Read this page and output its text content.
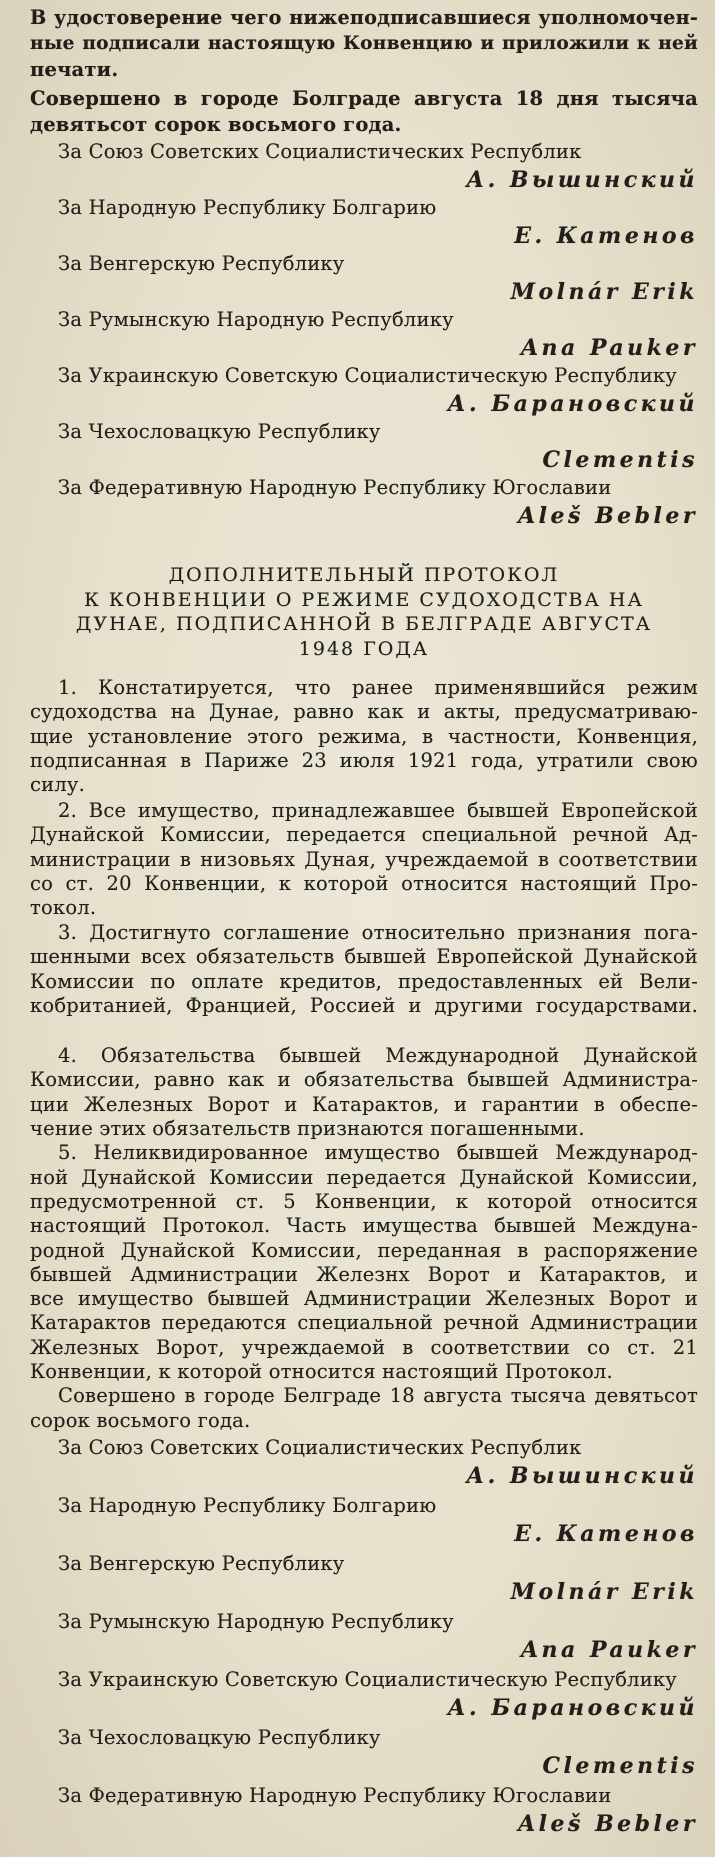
В удостоверение чего нижеподписавшиеся уполномочен-
ные подписали настоящую Конвенцию и приложили к ней
печати.
Совершено в городе Болграде августа 18 дня тысяча
девятьсот сорок восьмого года.
За Союз Советских Социалистических Республик
А. Вышинский
За Народную Республику Болгарию
Е. Катенов
За Венгерскую Республику
Molnár Erik
За Румынскую Народную Республику
Ana Pauker
За Украинскую Советскую Социалистическую Республику
А. Барановский
За Чехословацкую Республику
Clementis
За Федеративную Народную Республику Югославии
Aleš Bebler
ДОПОЛНИТЕЛЬНЫЙ ПРОТОКОЛ
К КОНВЕНЦИИ О РЕЖИМЕ СУДОХОДСТВА НА
ДУНАЕ, ПОДПИСАННОЙ В БЕЛГРАДЕ АВГУСТА
1948 ГОДА
1. Констатируется, что ранее применявшийся режим
судоходства на Дунае, равно как и акты, предусматриваю-
щие установление этого режима, в частности, Конвенция,
подписанная в Париже 23 июля 1921 года, утратили свою
силу.
2. Все имущество, принадлежавшее бывшей Европейской
Дунайской Комиссии, передается специальной речной Ад-
министрации в низовьях Дуная, учреждаемой в соответствии
со ст. 20 Конвенции, к которой относится настоящий Про-
токол.
3. Достигнуто соглашение относительно признания пога-
шенными всех обязательств бывшей Европейской Дунайской
Комиссии по оплате кредитов, предоставленных ей Вели-
кобританией, Францией, Россией и другими государствами.
4. Обязательства бывшей Международной Дунайской
Комиссии, равно как и обязательства бывшей Администра-
ции Железных Ворот и Катарактов, и гарантии в обеспе-
чение этих обязательств признаются погашенными.
5. Неликвидированное имущество бывшей Международ-
ной Дунайской Комиссии передается Дунайской Комиссии,
предусмотренной ст. 5 Конвенции, к которой относится
настоящий Протокол. Часть имущества бывшей Междуна-
родной Дунайской Комиссии, переданная в распоряжение
бывшей Администрации Железнх Ворот и Катарактов, и
все имущество бывшей Администрации Железных Ворот и
Катарактов передаются специальной речной Администрации
Железных Ворот, учреждаемой в соответствии со ст. 21
Конвенции, к которой относится настоящий Протокол.
Совершено в городе Белграде 18 августа тысяча девятьсот
сорок восьмого года.
За Союз Советских Социалистических Республик
А. Вышинский
За Народную Республику Болгарию
Е. Катенов
За Венгерскую Республику
Molnár Erik
За Румынскую Народную Республику
Ana Pauker
За Украинскую Советскую Социалистическую Республику
А. Барановский
За Чехословацкую Республику
Clementis
За Федеративную Народную Республику Югославии
Aleš Bebler
